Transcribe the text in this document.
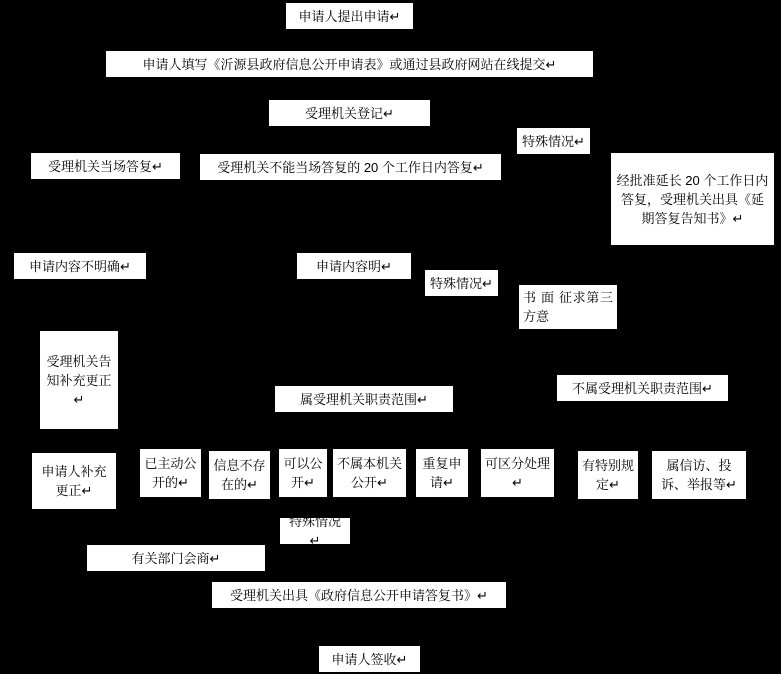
申请人提出申请↵
申请人填写《沂源县政府信息公开申请表》或通过县政府网站在线提交↵
受理机关登记↵
特殊情况↵
受理机关当场答复↵	受理机关不能当场答复的 20 个工作日内答复↵
经批准延长 20 个工作日内答复，受理机关出具《延期答复告知书》↵
申请内容不明确↵	申请内容明↵
特殊情况↵
书 面 征求第三方意
受理机关告知补充更正↵	属受理机关职责范围↵
不属受理机关职责范围↵
申请人补充更正↵
已主动公开的↵
信息不存在的↵
可以公开↵
不属本机关公开↵
重复申请↵
可区分处理↵
有特别规定↵
属信访、投诉、举报等↵
特殊情况↵
有关部门会商↵
受理机关出具《政府信息公开申请答复书》↵
申请人签收↵
